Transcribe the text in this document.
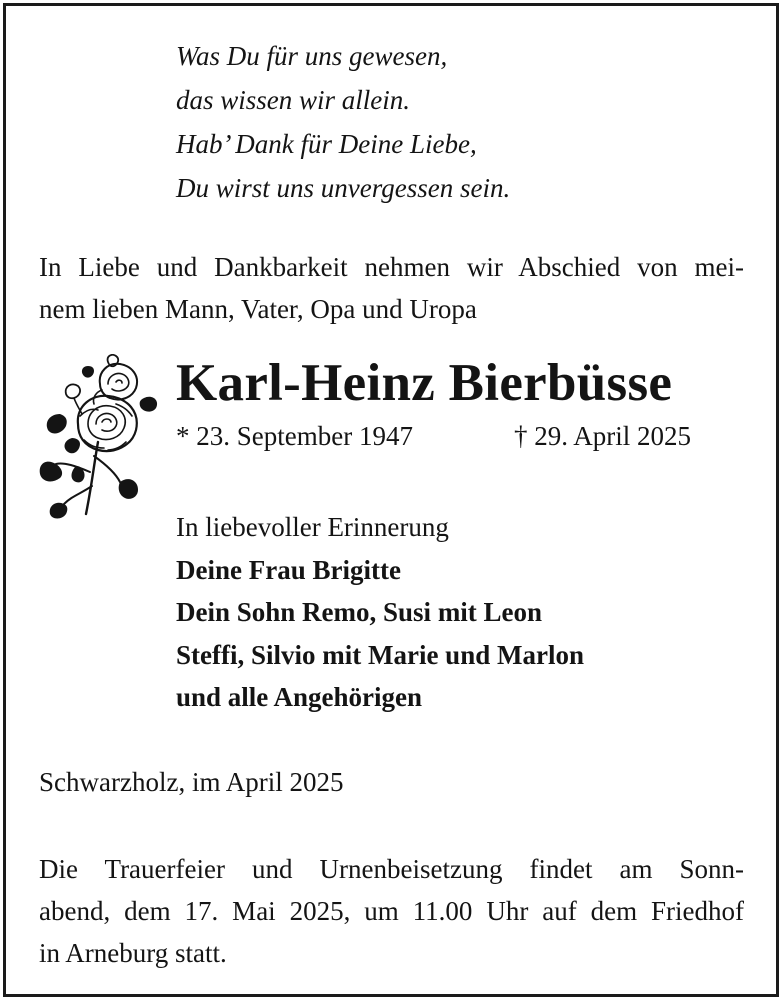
Was Du für uns gewesen,
das wissen wir allein.
Hab’ Dank für Deine Liebe,
Du wirst uns unvergessen sein.
In Liebe und Dankbarkeit nehmen wir Abschied von mei-
nem lieben Mann, Vater, Opa und Uropa
Karl-Heinz Bierbüsse
* 23. September 1947	† 29. April 2025
In liebevoller Erinnerung
Deine Frau Brigitte
Dein Sohn Remo, Susi mit Leon
Steffi, Silvio mit Marie und Marlon
und alle Angehörigen
Schwarzholz, im April 2025
Die Trauerfeier und Urnenbeisetzung findet am Sonn-
abend, dem 17. Mai 2025, um 11.00 Uhr auf dem Friedhof
in Arneburg statt.
